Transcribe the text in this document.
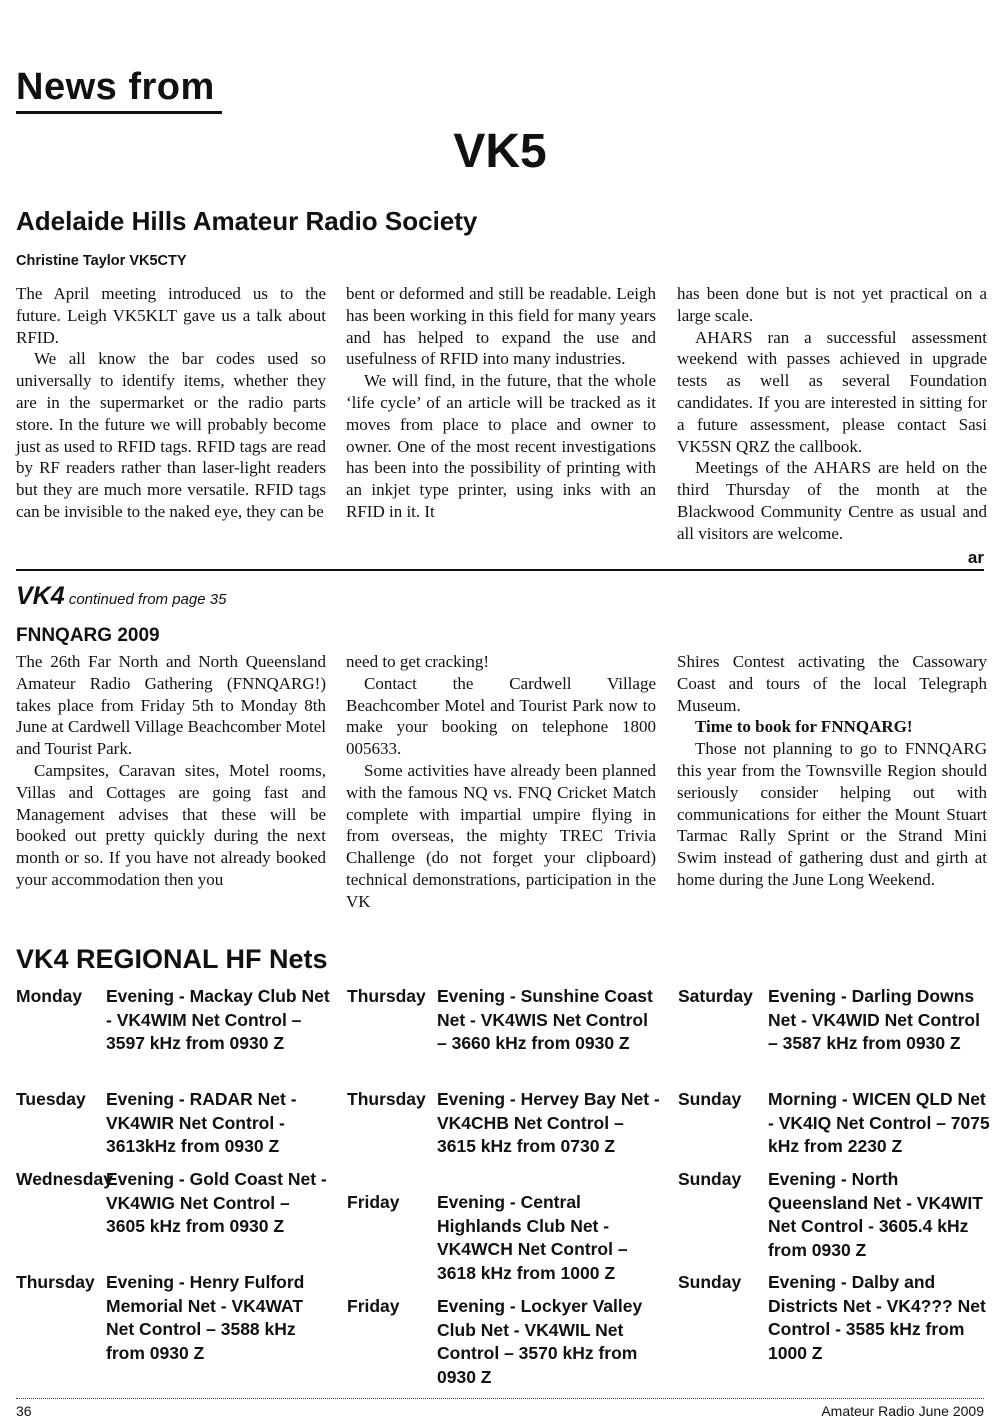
News from
VK5
Adelaide Hills Amateur Radio Society
Christine Taylor VK5CTY

The April meeting introduced us to the future. Leigh VK5KLT gave us a talk about RFID.

We all know the bar codes used so universally to identify items, whether they are in the supermarket or the radio parts store. In the future we will probably become just as used to RFID tags. RFID tags are read by RF readers rather than laser-light readers but they are much more versatile. RFID tags can be invisible to the naked eye, they can be

bent or deformed and still be readable. Leigh has been working in this field for many years and has helped to expand the use and usefulness of RFID into many industries.

We will find, in the future, that the whole ‘life cycle’ of an article will be tracked as it moves from place to place and owner to owner. One of the most recent investigations has been into the possibility of printing with an inkjet type printer, using inks with an RFID in it. It

has been done but is not yet practical on a large scale.

AHARS ran a successful assessment weekend with passes achieved in upgrade tests as well as several Foundation candidates. If you are interested in sitting for a future assessment, please contact Sasi VK5SN QRZ the callbook.

Meetings of the AHARS are held on the third Thursday of the month at the Blackwood Community Centre as usual and all visitors are welcome.

ar
VK4 continued from page 35
FNNQARG 2009

The 26th Far North and North Queensland Amateur Radio Gathering (FNNQARG!) takes place from Friday 5th to Monday 8th June at Cardwell Village Beachcomber Motel and Tourist Park.

Campsites, Caravan sites, Motel rooms, Villas and Cottages are going fast and Management advises that these will be booked out pretty quickly during the next month or so. If you have not already booked your accommodation then you

need to get cracking!

Contact the Cardwell Village Beachcomber Motel and Tourist Park now to make your booking on telephone 1800 005633.

Some activities have already been planned with the famous NQ vs. FNQ Cricket Match complete with impartial umpire flying in from overseas, the mighty TREC Trivia Challenge (do not forget your clipboard) technical demonstrations, participation in the VK

Shires Contest activating the Cassowary Coast and tours of the local Telegraph Museum.

Time to book for FNNQARG!

Those not planning to go to FNNQARG this year from the Townsville Region should seriously consider helping out with communications for either the Mount Stuart Tarmac Rally Sprint or the Strand Mini Swim instead of gathering dust and girth at home during the June Long Weekend.

VK4 REGIONAL HF Nets
Monday Evening - Mackay Club Net - VK4WIM Net Control – 3597 kHz from 0930 Z
Tuesday Evening - RADAR Net - VK4WIR Net Control - 3613kHz from 0930 Z
Wednesday
Evening - Gold Coast Net - VK4WIG Net Control – 3605 kHz from 0930 Z
Thursday Evening - Henry Fulford Memorial Net - VK4WAT Net Control – 3588 kHz from 0930 Z
Thursday Evening - Sunshine Coast Net - VK4WIS Net Control – 3660 kHz from 0930 Z
Thursday Evening - Hervey Bay Net - VK4CHB Net Control – 3615 kHz from 0730 Z
Friday Evening - Central Highlands Club Net - VK4WCH Net Control – 3618 kHz from 1000 Z
Friday Evening - Lockyer Valley Club Net - VK4WIL Net Control – 3570 kHz from 0930 Z
Saturday Evening - Darling Downs Net - VK4WID Net Control – 3587 kHz from 0930 Z
Sunday Morning - WICEN QLD Net - VK4IQ Net Control – 7075 kHz from 2230 Z
Sunday Evening - North Queensland Net - VK4WIT Net Control - 3605.4 kHz from 0930 Z
Sunday Evening - Dalby and Districts Net - VK4??? Net Control - 3585 kHz from 1000 Z
36	Amateur Radio June 2009
